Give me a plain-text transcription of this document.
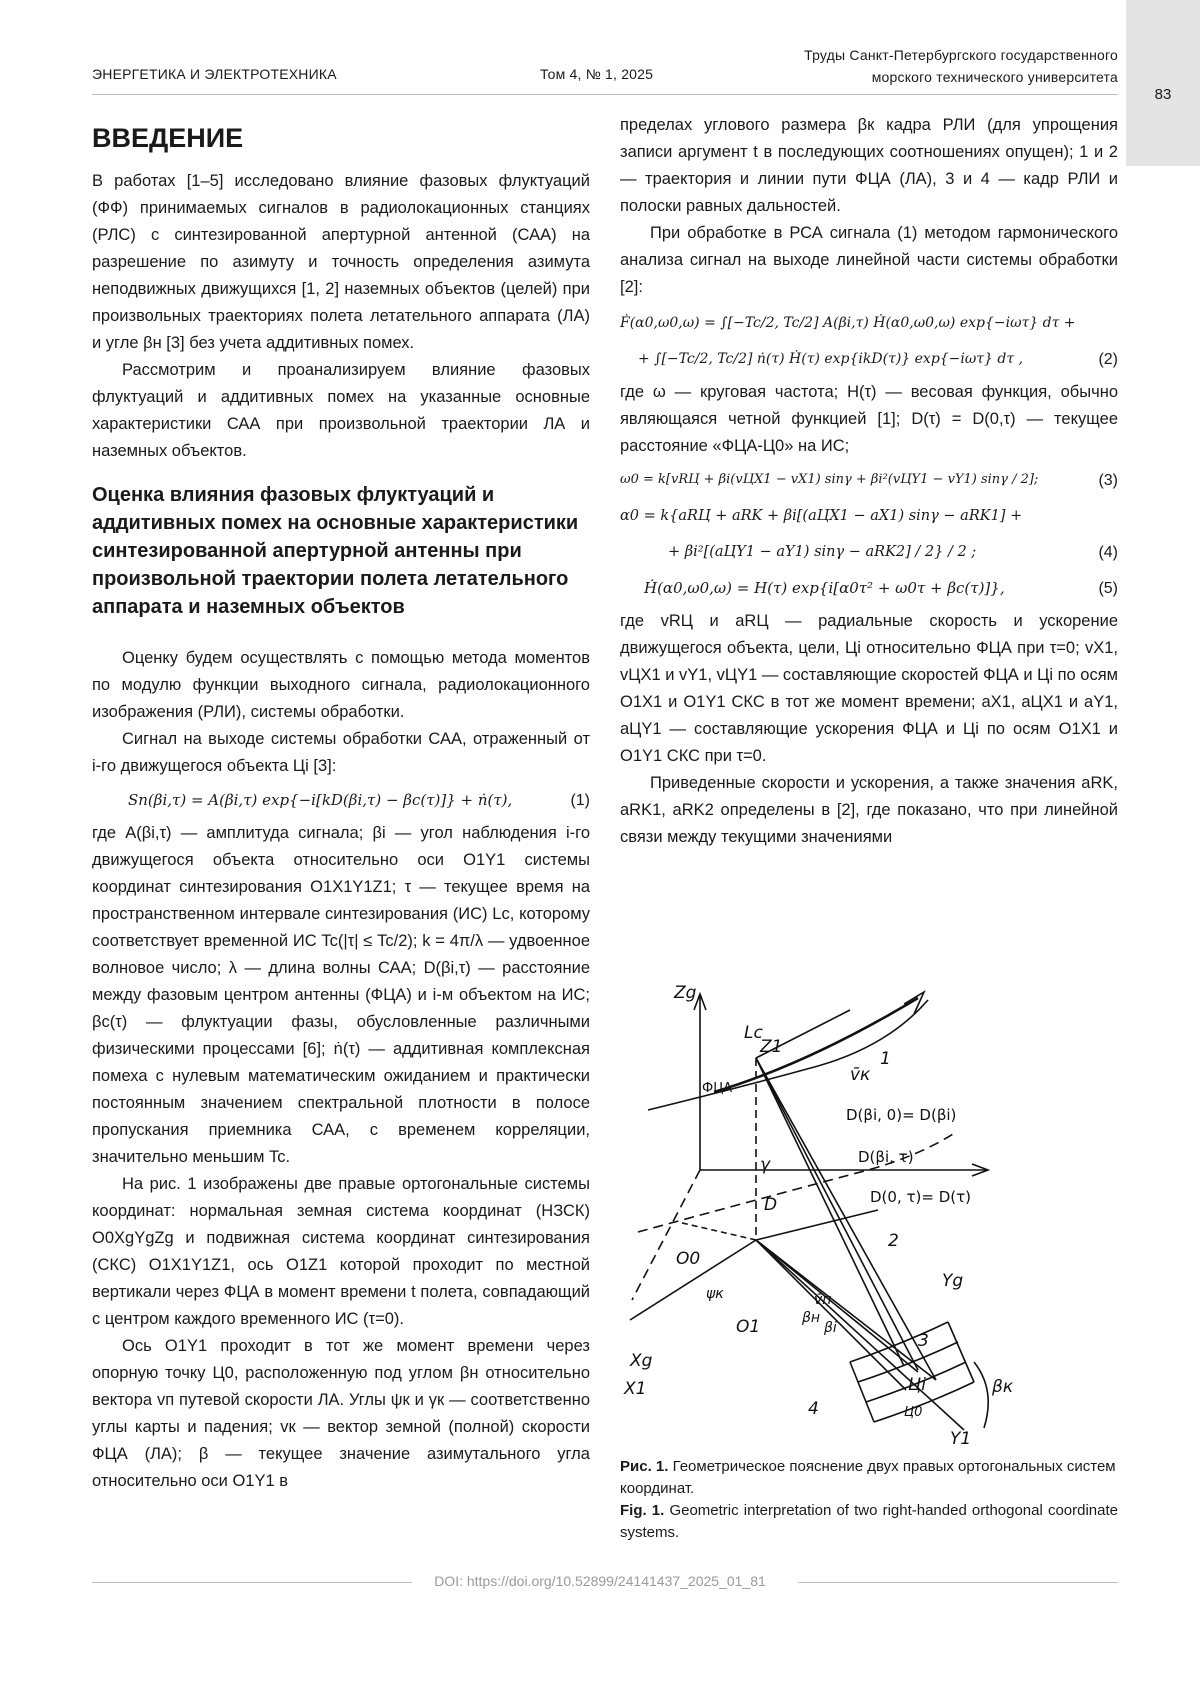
ЭНЕРГЕТИКА И ЭЛЕКТРОТЕХНИКА	Том 4, № 1, 2025
Труды Санкт-Петербургского государственного
морского технического университета
83
ВВЕДЕНИЕ

В работах [1–5] исследовано влияние фазовых флуктуаций (ФФ) принимаемых сигналов в радиолокационных станциях (РЛС) с синтезированной апертурной антенной (САА) на разрешение по азимуту и точность определения азимута неподвижных движущихся [1, 2] наземных объектов (целей) при произвольных траекториях полета летательного аппарата (ЛА) и угле βн [3] без учета аддитивных помех.

Рассмотрим и проанализируем влияние фазовых флуктуаций и аддитивных помех на указанные основные характеристики САА при произвольной траектории ЛА и наземных объектов.

Оценка влияния фазовых флуктуаций и аддитивных помех на основные характеристики синтезированной апертурной антенны при произвольной траектории полета летательного аппарата и наземных объектов

Оценку будем осуществлять с помощью метода моментов по модулю функции выходного сигнала, радиолокационного изображения (РЛИ), системы обработки.

Сигнал на выходе системы обработки САА, отраженный от i-го движущегося объекта Цi [3]:

Sn(βi,τ) = A(βi,τ) exp{−i[kD(βi,τ) − βc(τ)]} + ṅ(τ),	(1)

где A(βi,τ) — амплитуда сигнала; βi — угол наблюдения i-го движущегося объекта относительно оси O1Y1 системы координат синтезирования O1X1Y1Z1; τ — текущее время на пространственном интервале синтезирования (ИС) Lc, которому соответствует временной ИС Tc(|τ| ≤ Tc/2); k = 4π/λ — удвоенное волновое число; λ — длина волны САА; D(βi,τ) — расстояние между фазовым центром антенны (ФЦА) и i-м объектом на ИС; βc(τ) — флуктуации фазы, обусловленные различными физическими процессами [6]; ṅ(τ) — аддитивная комплексная помеха с нулевым математическим ожиданием и практически постоянным значением спектральной плотности в полосе пропускания приемника САА, с временем корреляции, значительно меньшим Tc.

На рис. 1 изображены две правые ортогональные системы координат: нормальная земная система координат (НЗСК) O0XgYgZg и подвижная система координат синтезирования (СКС) O1X1Y1Z1, ось O1Z1 которой проходит по местной вертикали через ФЦА в момент времени t полета, совпадающий с центром каждого временного ИС (τ=0).

Ось O1Y1 проходит в тот же момент времени через опорную точку Ц0, расположенную под углом βн относительно вектора vп путевой скорости ЛА. Углы ψк и γк — соответственно углы карты и падения; vк — вектор земной (полной) скорости ФЦА (ЛА); β — текущее значение азимутального угла относительно оси O1Y1 в

пределах углового размера βк кадра РЛИ (для упрощения записи аргумент t в последующих соотношениях опущен); 1 и 2 — траектория и линии пути ФЦА (ЛА), 3 и 4 — кадр РЛИ и полоски равных дальностей.

При обработке в РСА сигнала (1) методом гармонического анализа сигнал на выходе линейной части системы обработки [2]:

Ḟ(α0,ω0,ω) = ∫[−Tc/2, Tc/2] A(βi,τ) Ḣ(α0,ω0,ω) exp{−iωτ} dτ +
+ ∫[−Tc/2, Tc/2] ṅ(τ) Ḣ(τ) exp{ikD(τ)} exp{−iωτ} dτ ,	(2)

где ω — круговая частота; H(τ) — весовая функция, обычно являющаяся четной функцией [1]; D(τ) = D(0,τ) — текущее расстояние «ФЦА-Ц0» на ИС;

ω0 = k[vRЦ + βi(vЦX1 − vX1) sinγ + βi²(vЦY1 − vY1) sinγ / 2];	(3)
α0 = k{aRЦ + aRK + βi[(aЦX1 − aX1) sinγ − aRK1] +
+ βi²[(aЦY1 − aY1) sinγ − aRK2] / 2} / 2 ;	(4)
Ḣ(α0,ω0,ω) = H(τ) exp{i[α0τ² + ω0τ + βc(τ)]},	(5)

где vRЦ и aRЦ — радиальные скорость и ускорение движущегося объекта, цели, Цi относительно ФЦА при τ=0; vX1, vЦX1 и vY1, vЦY1 — составляющие скоростей ФЦА и Цi по осям O1X1 и O1Y1 СКС в тот же момент времени; aX1, aЦX1 и aY1, aЦY1 — составляющие ускорения ФЦА и Цi по осям O1X1 и O1Y1 СКС при τ=0.

Приведенные скорости и ускорения, а также значения aRK, aRK1, aRK2 определены в [2], где показано, что при линейной связи между текущими значениями

Zg
Lc
Z1
ФЦА
v̄к
1
D(βi, 0)= D(βi)
D(βi, τ)
D(0, τ)= D(τ)
γ
D
2
O0
Yg
ψк	v̄п
βн
βi
O1
Xg
X1
3
4
Цi
Ц0
βк
Y1
Рис. 1. Геометрическое пояснение двух правых ортогональных систем координат.
Fig. 1. Geometric interpretation of two right-handed orthogonal coordinate systems.
DOI: https://doi.org/10.52899/24141437_2025_01_81
